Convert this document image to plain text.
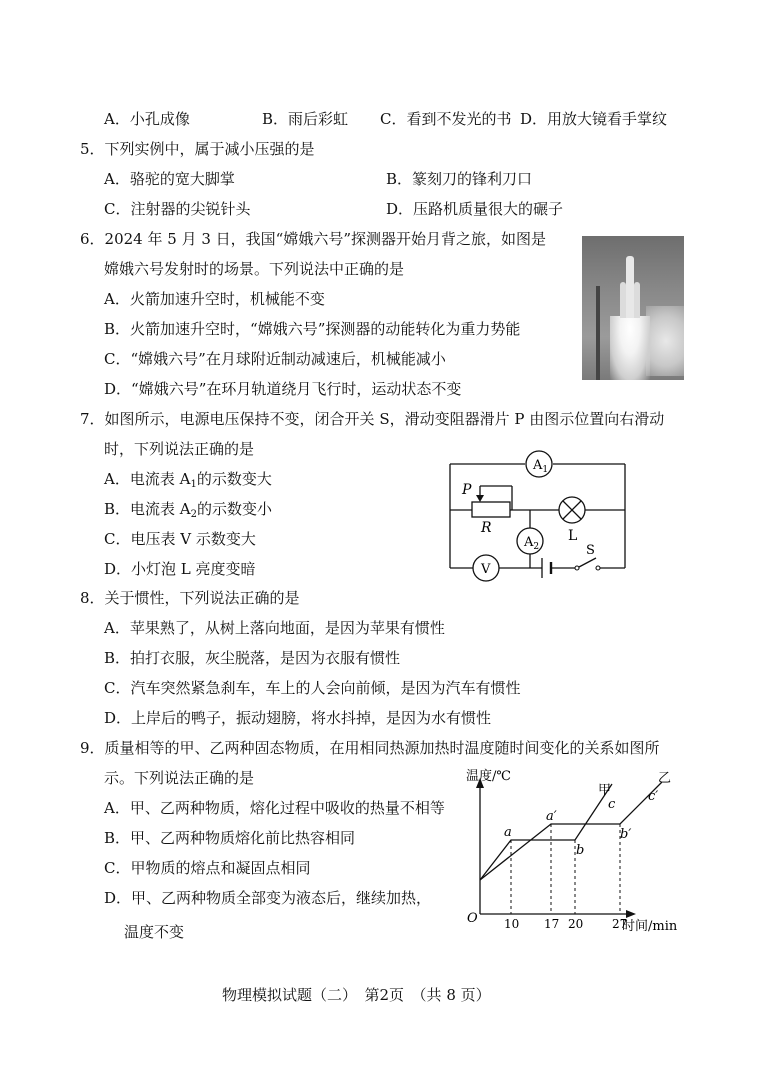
A．小孔成像	B．雨后彩虹 C．看到不发光的书 D．用放大镜看手掌纹
5．下列实例中，属于减小压强的是
A．骆驼的宽大脚掌	B．篆刻刀的锋利刀口
C．注射器的尖锐针头	D．压路机质量很大的碾子
6．2024 年 5 月 3 日，我国“嫦娥六号”探测器开始月背之旅，如图是
嫦娥六号发射时的场景。下列说法中正确的是
A．火箭加速升空时，机械能不变
B．火箭加速升空时，“嫦娥六号”探测器的动能转化为重力势能
C．“嫦娥六号”在月球附近制动减速后，机械能减小
D．“嫦娥六号”在环月轨道绕月飞行时，运动状态不变
7．如图所示，电源电压保持不变，闭合开关 S，滑动变阻器滑片 P 由图示位置向右滑动
时，下列说法正确的是
A．电流表 $A_1$的示数变大
B．电流表 $A_2$的示数变小
C．电压表 V 示数变大
D．小灯泡 L 亮度变暗
P
R
$A_1$
L
$A_2$
V
S
8．关于惯性，下列说法正确的是
A．苹果熟了，从树上落向地面，是因为苹果有惯性
B．拍打衣服，灰尘脱落，是因为衣服有惯性
C．汽车突然紧急刹车，车上的人会向前倾，是因为汽车有惯性
D．上岸后的鸭子，振动翅膀，将水抖掉，是因为水有惯性
9．质量相等的甲、乙两种固态物质，在用相同热源加热时温度随时间变化的关系如图所
示。下列说法正确的是
A．甲、乙两种物质，熔化过程中吸收的热量不相等
B．甲、乙两种物质熔化前比热容相同
C．甲物质的熔点和凝固点相同
D．甲、乙两种物质全部变为液态后，继续加热，
温度不变
温度/℃
时间/min
O
a
a′
b
b′
c
c′
甲
乙
10 17 20 27
物理模拟试题（二）　第2页　（共 8 页）
